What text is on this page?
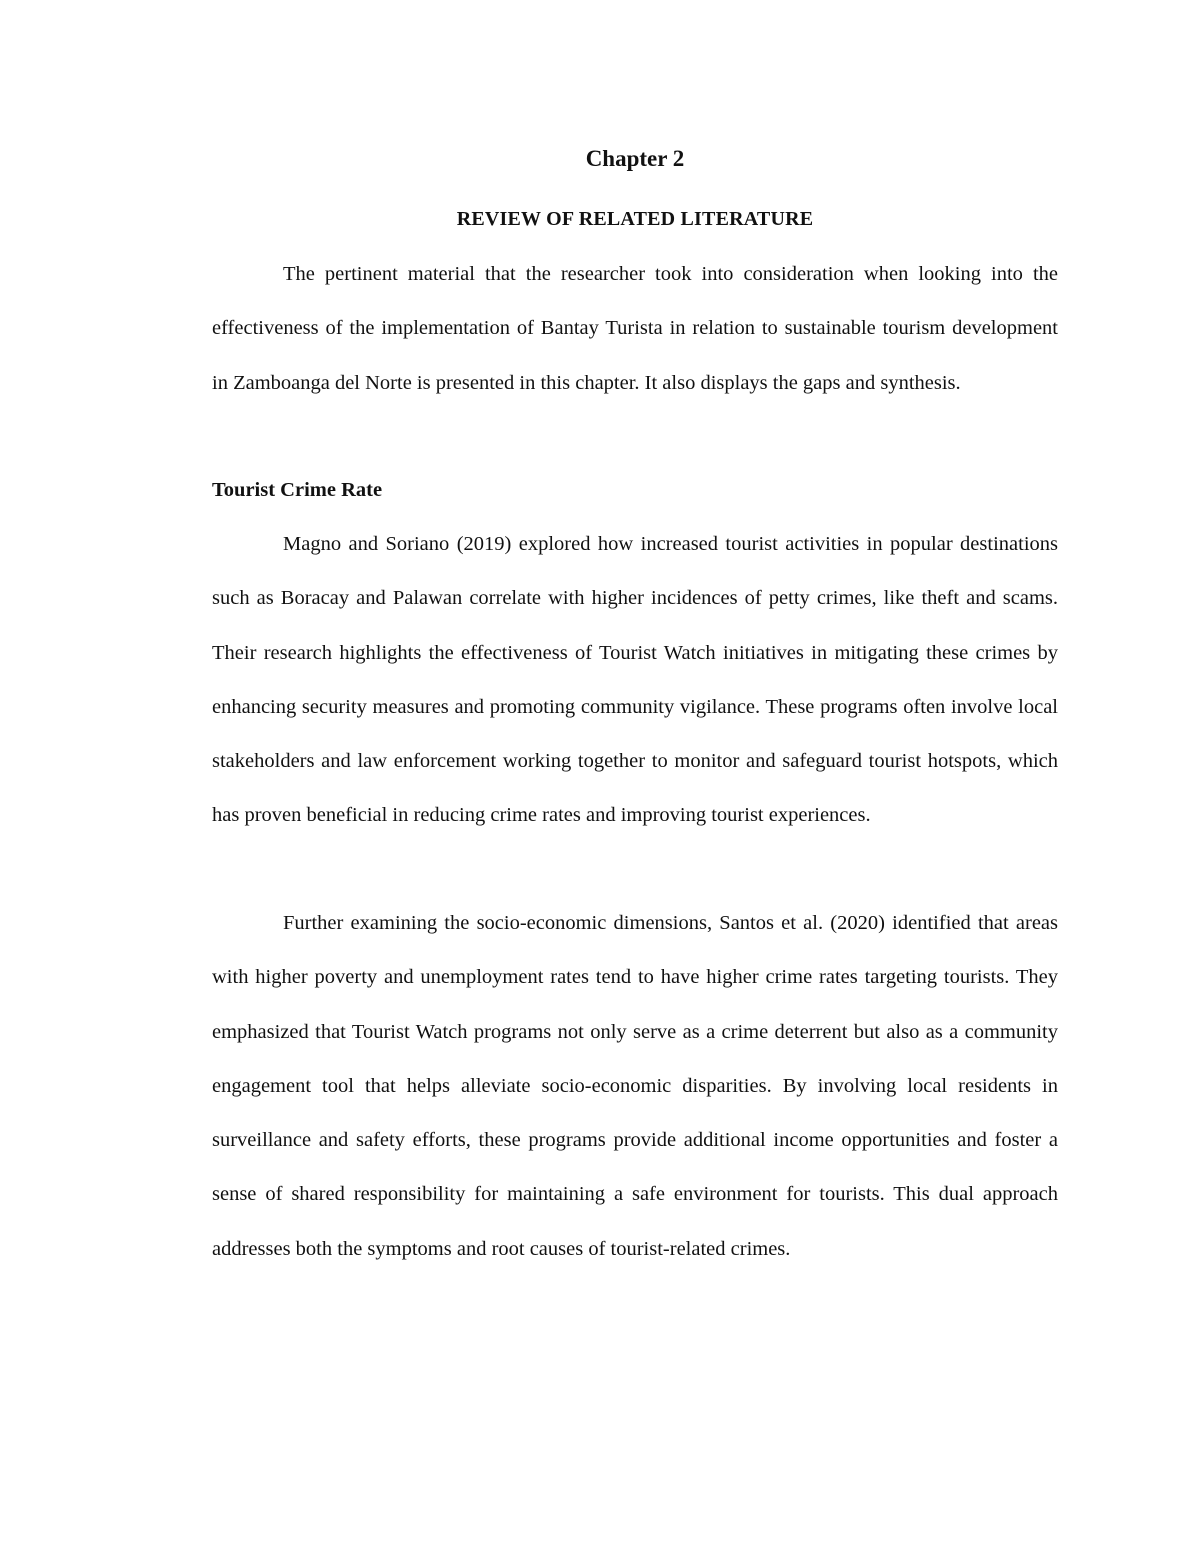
Chapter 2
REVIEW OF RELATED LITERATURE

The pertinent material that the researcher took into consideration when looking into the effectiveness of the implementation of Bantay Turista in relation to sustainable tourism development in Zamboanga del Norte is presented in this chapter. It also displays the gaps and synthesis.

Tourist Crime Rate

Magno and Soriano (2019) explored how increased tourist activities in popular destinations such as Boracay and Palawan correlate with higher incidences of petty crimes, like theft and scams. Their research highlights the effectiveness of Tourist Watch initiatives in mitigating these crimes by enhancing security measures and promoting community vigilance. These programs often involve local stakeholders and law enforcement working together to monitor and safeguard tourist hotspots, which has proven beneficial in reducing crime rates and improving tourist experiences.

Further examining the socio-economic dimensions, Santos et al. (2020) identified that areas with higher poverty and unemployment rates tend to have higher crime rates targeting tourists. They emphasized that Tourist Watch programs not only serve as a crime deterrent but also as a community engagement tool that helps alleviate socio-economic disparities. By involving local residents in surveillance and safety efforts, these programs provide additional income opportunities and foster a sense of shared responsibility for maintaining a safe environment for tourists. This dual approach addresses both the symptoms and root causes of tourist-related crimes.
